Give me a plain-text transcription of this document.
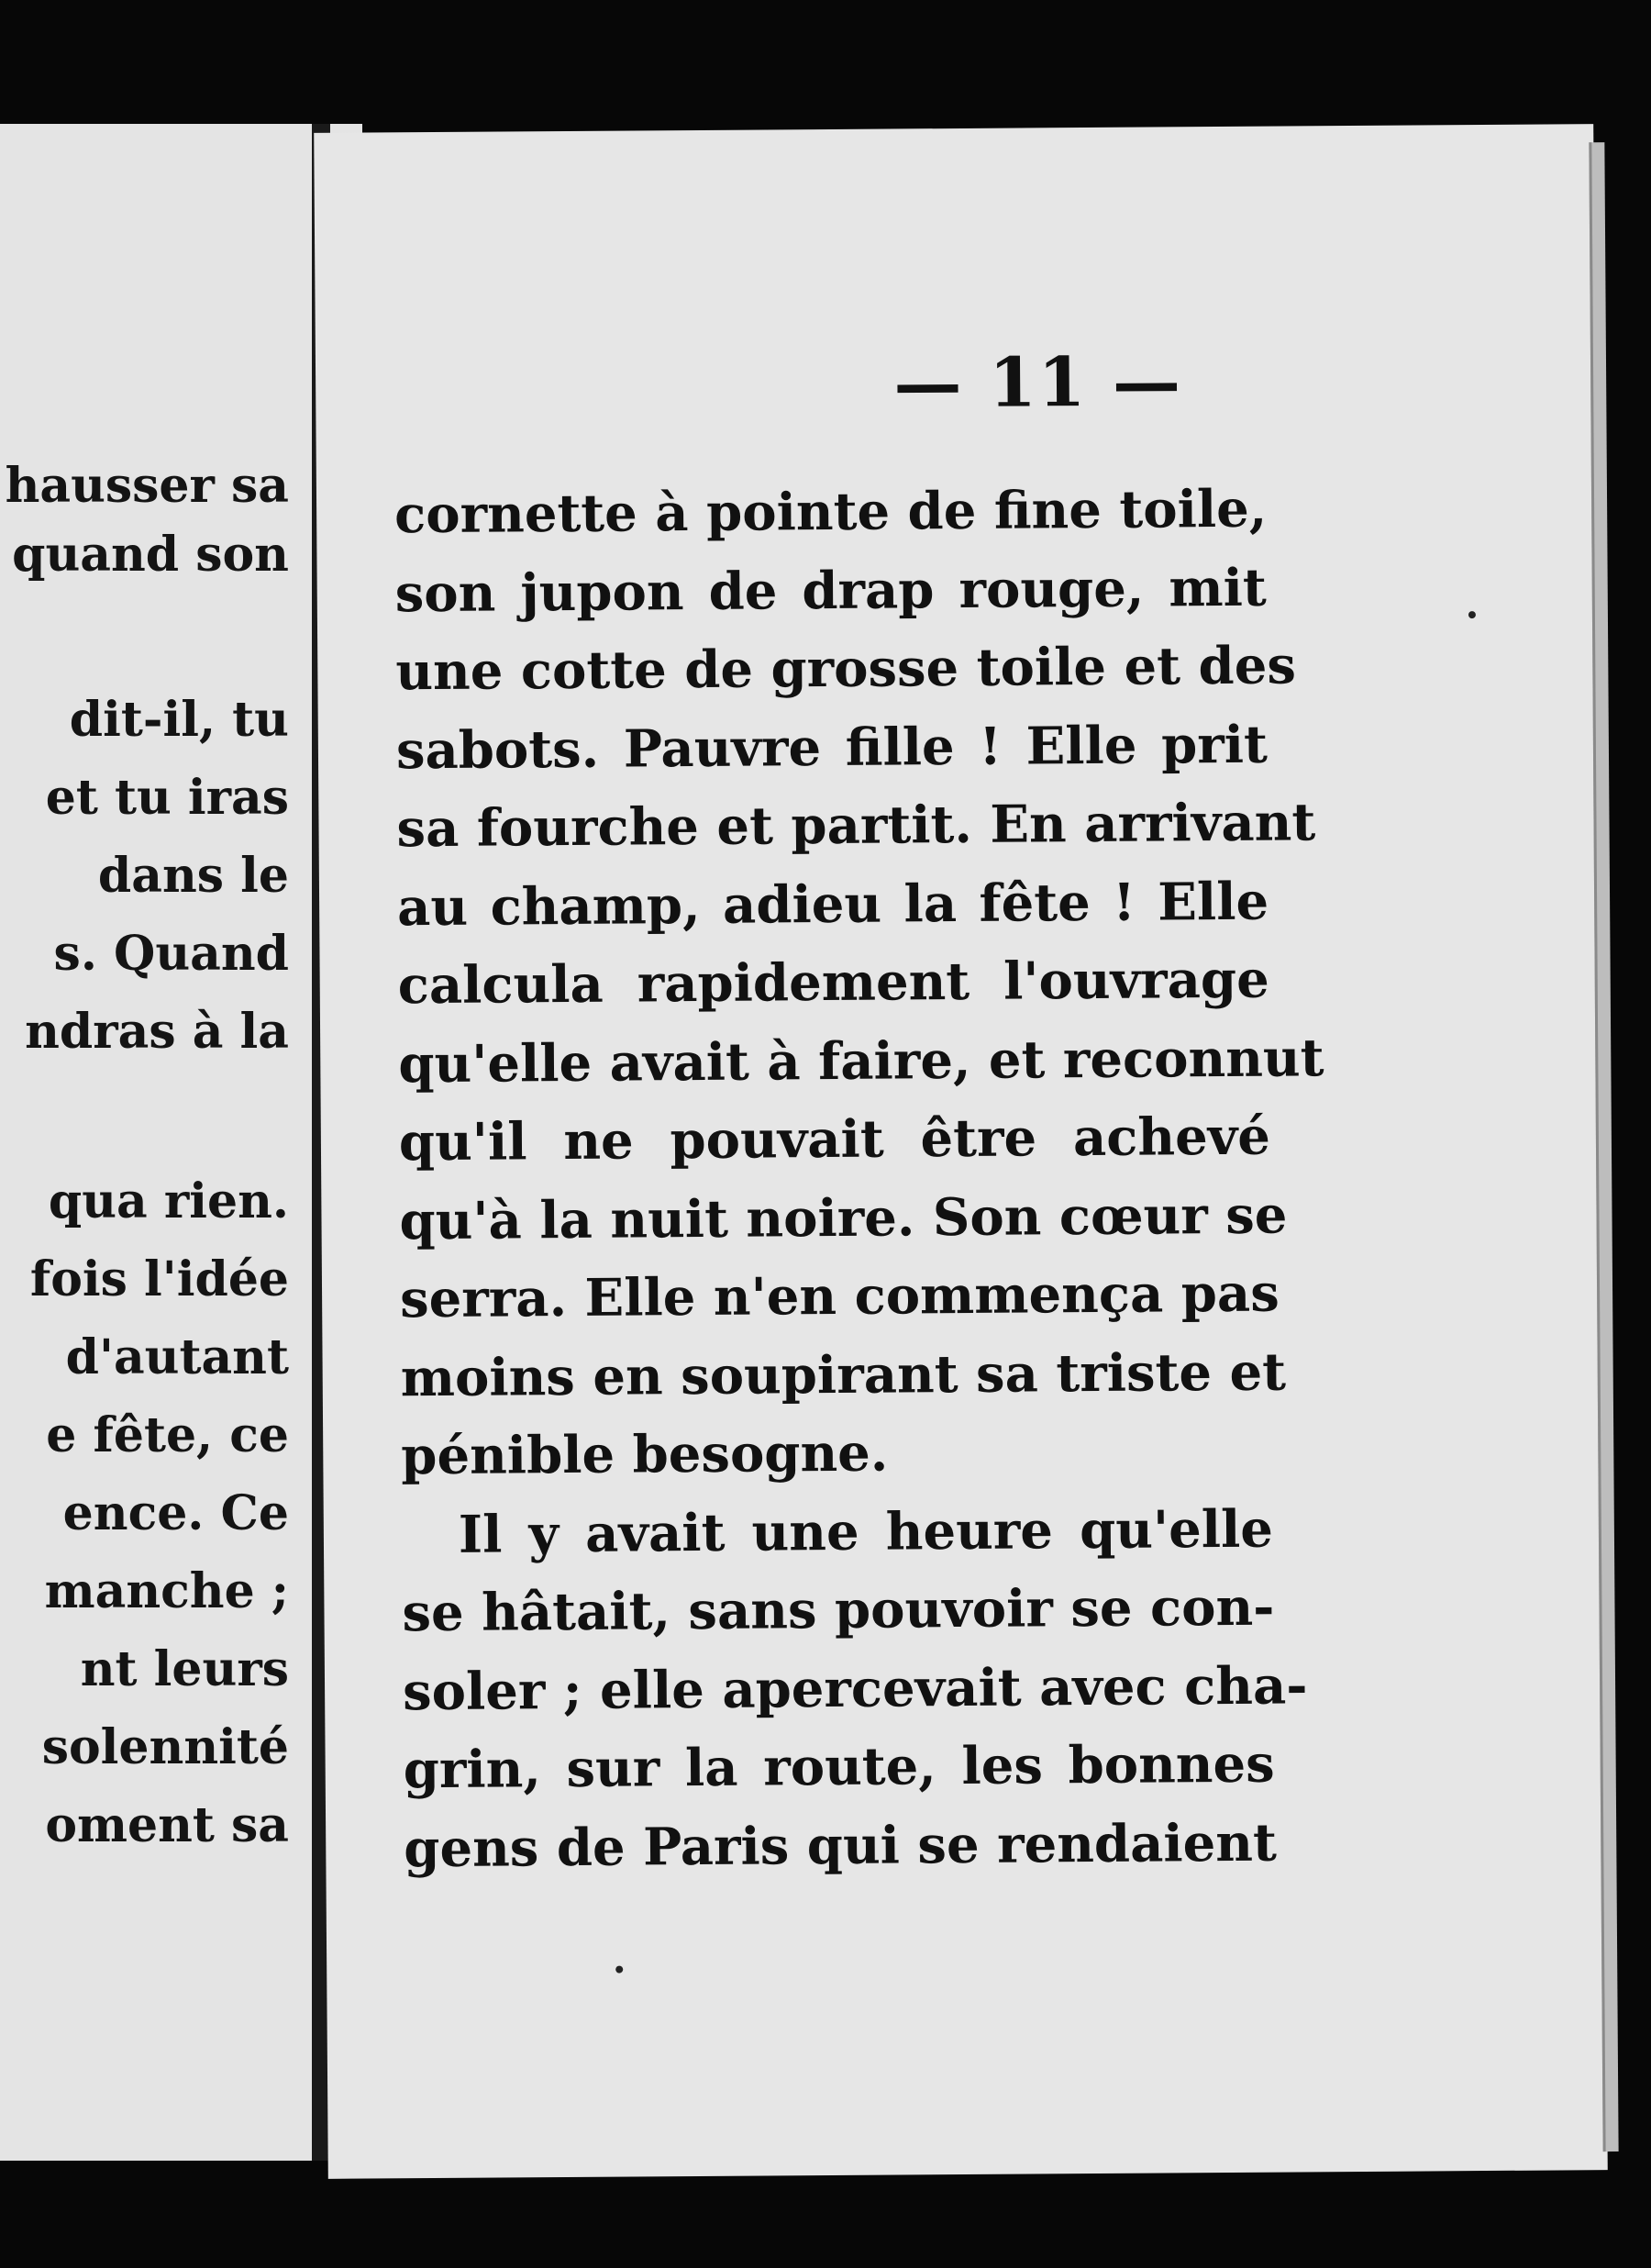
hausser sa
quand son
dit-il, tu
et tu iras
dans le
s. Quand
ndras à la
qua rien.
fois l'idée
d'autant
e fête, ce
ence. Ce
manche ;
nt leurs
solennité
oment sa
— 11 —
cornette à pointe de fine toile,
son jupon de drap rouge, mit
une cotte de grosse toile et des
sabots. Pauvre fille ! Elle prit
sa fourche et partit. En arrivant
au champ, adieu la fête ! Elle
calcula rapidement l'ouvrage
qu'elle avait à faire, et reconnut
qu'il ne pouvait être achevé
qu'à la nuit noire. Son cœur se
serra. Elle n'en commença pas
moins en soupirant sa triste et
pénible besogne.
Il y avait une heure qu'elle
se hâtait, sans pouvoir se con-
soler ; elle apercevait avec cha-
grin, sur la route, les bonnes
gens de Paris qui se rendaient
